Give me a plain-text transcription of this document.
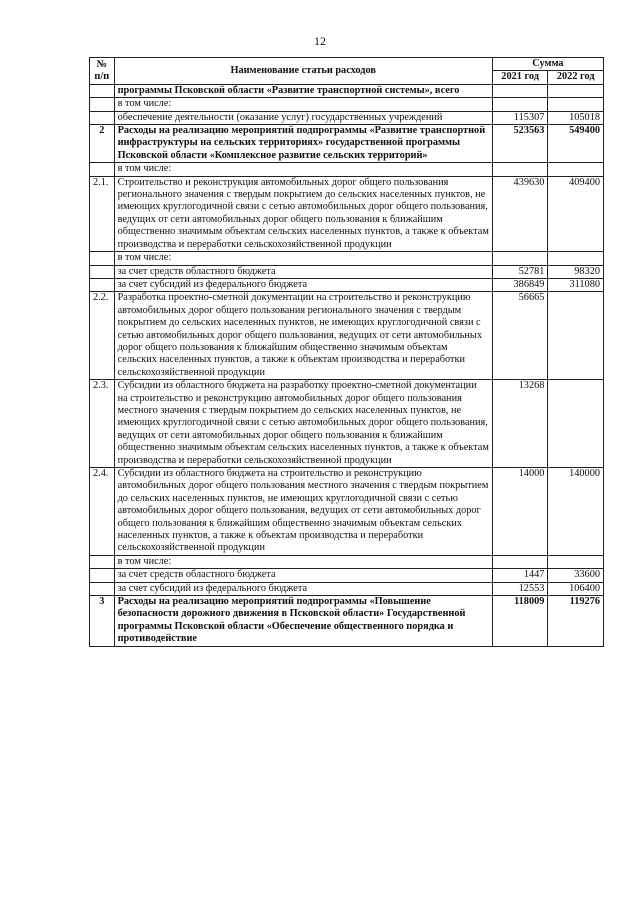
12
№ п/п	Наименование статьи расходов	Сумма	
		2021 год	2022 год
	программы Псковской области «Развитие транспортной системы», всего		
	в том числе:		
	обеспечение деятельности (оказание услуг) государственных учреждений	115307	105018
2	Расходы на реализацию мероприятий подпрограммы «Развитие транспортной инфраструктуры на сельских территориях» государственной программы Псковской области «Комплексное развитие сельских территорий»	523563	549400
	в том числе:		
2.1.	Строительство и реконструкция автомобильных дорог общего пользования регионального значения с твердым покрытием до сельских населенных пунктов, не имеющих круглогодичной связи с сетью автомобильных дорог общего пользования, ведущих от сети автомобильных дорог общего пользования к ближайшим общественно значимым объектам сельских населенных пунктов, а также к объектам производства и переработки сельскохозяйственной продукции	439630	409400
	в том числе:		
	за счет средств областного бюджета	52781	98320
	за счет субсидий из федерального бюджета	386849	311080
2.2.	Разработка проектно-сметной документации на строительство и реконструкцию автомобильных дорог общего пользования регионального значения с твердым покрытием до сельских населенных пунктов, не имеющих круглогодичной связи с сетью автомобильных дорог общего пользования, ведущих от сети автомобильных дорог общего пользования к ближайшим общественно значимым объектам сельских населенных пунктов, а также к объектам производства и переработки сельскохозяйственной продукции	56665	
2.3.	Субсидии из областного бюджета на разработку проектно-сметной документации на строительство и реконструкцию автомобильных дорог общего пользования местного значения с твердым покрытием до сельских населенных пунктов, не имеющих круглогодичной связи с сетью автомобильных дорог общего пользования, ведущих от сети автомобильных дорог общего пользования к ближайшим общественно значимым объектам сельских населенных пунктов, а также к объектам производства и переработки сельскохозяйственной продукции	13268	
2.4.	Субсидии из областного бюджета на строительство и реконструкцию автомобильных дорог общего пользования местного значения с твердым покрытием до сельских населенных пунктов, не имеющих круглогодичной связи с сетью автомобильных дорог общего пользования, ведущих от сети автомобильных дорог общего пользования к ближайшим общественно значимым объектам сельских населенных пунктов, а также к объектам производства и переработки сельскохозяйственной продукции	14000	140000
	в том числе:		
	за счет средств областного бюджета	1447	33600
	за счет субсидий из федерального бюджета	12553	106400
3	Расходы на реализацию мероприятий подпрограммы «Повышение безопасности дорожного движения в Псковской области» Государственной программы Псковской области «Обеспечение общественного порядка и противодействие	118009	119276
